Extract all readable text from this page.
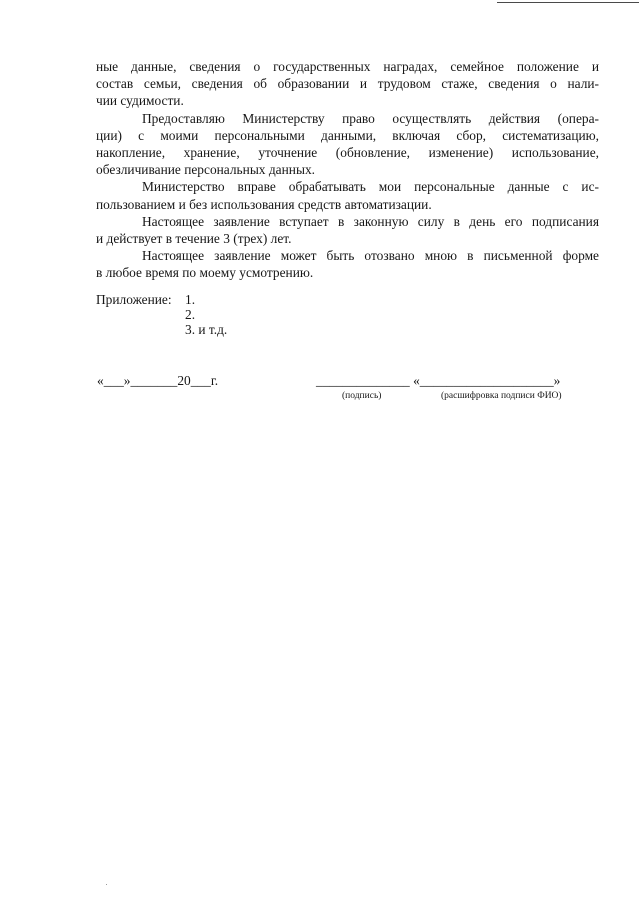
ные данные, сведения о государственных наградах, семейное положение и
состав семьи, сведения об образовании и трудовом стаже, сведения о нали-
чии судимости.

Предоставляю Министерству право осуществлять действия (опера-
ции) с моими персональными данными, включая сбор, систематизацию,
накопление, хранение, уточнение (обновление, изменение) использование,
обезличивание персональных данных.

Министерство вправе обрабатывать мои персональные данные с ис-
пользованием и без использования средств автоматизации.

Настоящее заявление вступает в законную силу в день его подписания
и действует в течение 3 (трех) лет.

Настоящее заявление может быть отозвано мною в письменной форме
в любое время по моему усмотрению.

Приложение:	1.
2.
3. и т.д.
«___»_______20___г.	______________ «____________________»
(подпись)	(расшифровка подписи ФИО)
